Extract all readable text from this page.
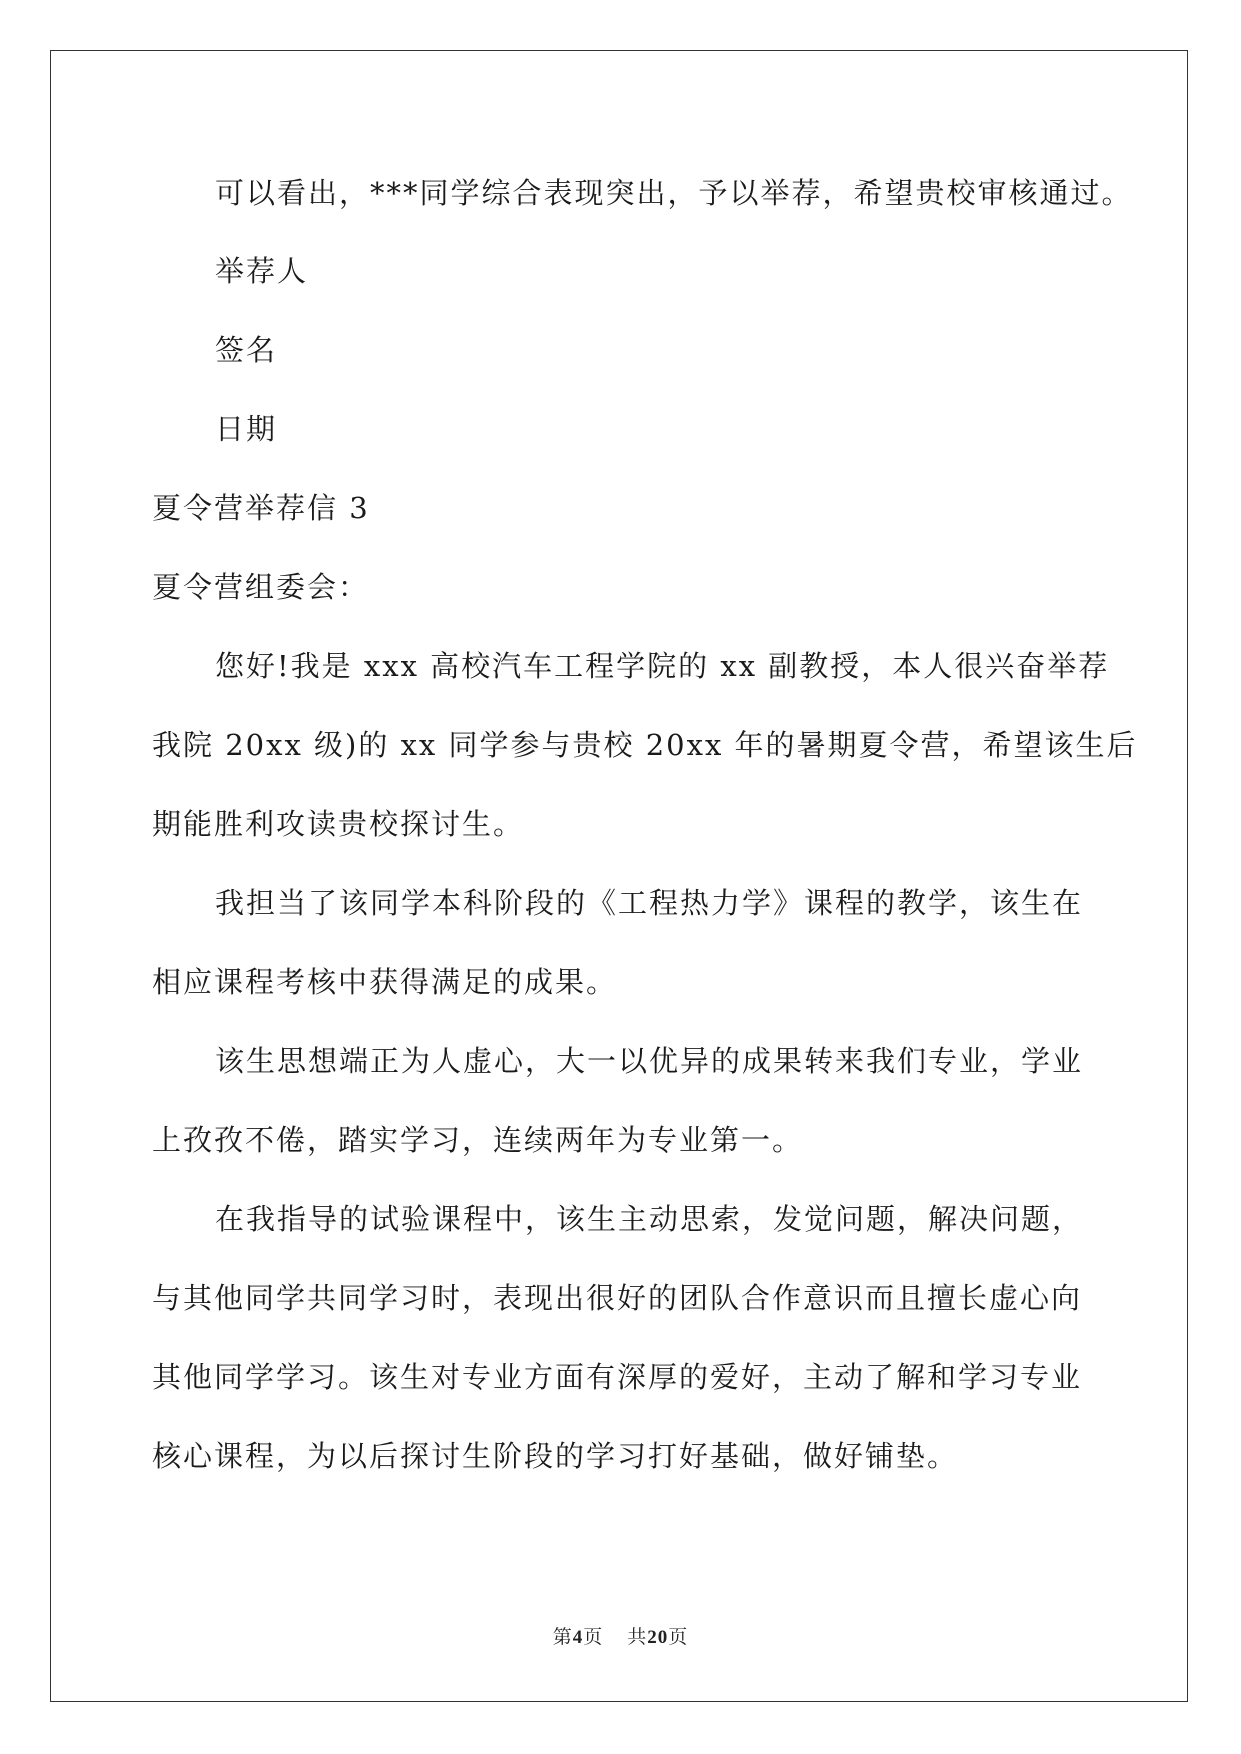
可以看出，***同学综合表现突出，予以举荐，希望贵校审核通过。
举荐人
签名
日期
夏令营举荐信 3
夏令营组委会：
您好!我是 xxx 高校汽车工程学院的 xx 副教授，本人很兴奋举荐
我院 20xx 级)的 xx 同学参与贵校 20xx 年的暑期夏令营，希望该生后
期能胜利攻读贵校探讨生。
我担当了该同学本科阶段的《工程热力学》课程的教学，该生在
相应课程考核中获得满足的成果。
该生思想端正为人虚心，大一以优异的成果转来我们专业，学业
上孜孜不倦，踏实学习，连续两年为专业第一。
在我指导的试验课程中，该生主动思索，发觉问题，解决问题，
与其他同学共同学习时，表现出很好的团队合作意识而且擅长虚心向
其他同学学习。该生对专业方面有深厚的爱好，主动了解和学习专业
核心课程，为以后探讨生阶段的学习打好基础，做好铺垫。
第4页 共20页
